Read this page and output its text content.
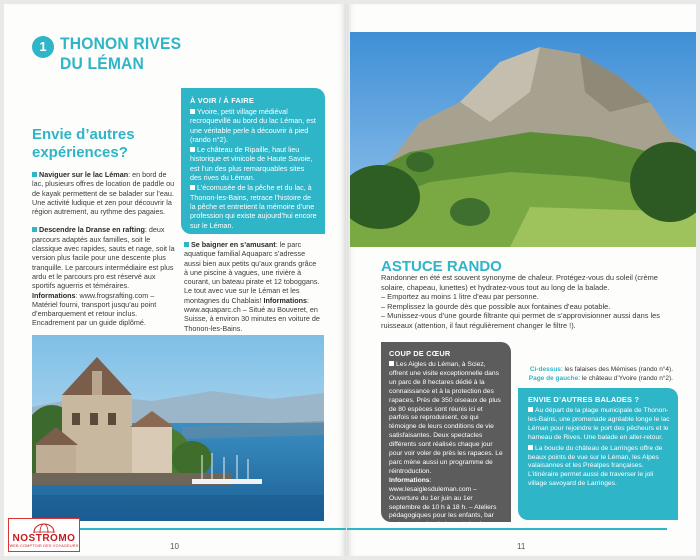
1 THONON RIVES DU LÉMAN
Envie d’autres expériences?

Naviguer sur le lac Léman: en bord de lac, plusieurs offres de location de paddle ou de kayak permettent de se balader sur l’eau. Une activité ludique et zen pour découvrir la région autrement, au rythme des pagaies.

Descendre la Dranse en rafting: deux parcours adaptés aux familles, soit le classique avec rapides, sauts et nage, soit la version plus facile pour une descente plus tranquille. Le parcours intermédiaire est plus ardu et le parcours pro est réservé aux sportifs aguerris et téméraires. Informations: www.frogsrafting.com – Matériel fourni, transport jusqu’au point d’embarquement et retour inclus. Encadrement par un guide diplômé.

À VOIR / À FAIRE

Yvoire, petit village médiéval recroquevillé au bord du lac Léman, est une véritable perle à découvrir à pied (rando n°2).

Le château de Ripaille, haut lieu historique et vinicole de Haute Savoie, est l’un des plus remarquables sites des rives du Léman.

L’écomusée de la pêche et du lac, à Thonon-les-Bains, retrace l’histoire de la pêche et entretient la mémoire d’une profession qui existe aujourd’hui encore sur le Léman.

Se baigner en s’amusant: le parc aquatique familial Aquaparc s’adresse aussi bien aux petits qu’aux grands grâce à une piscine à vagues, une rivière à courant, un bateau pirate et 12 toboggans. Le tout avec vue sur le Léman et les montagnes du Chablais! Informations: www.aquaparc.ch – Situé au Bouveret, en Suisse, à environ 30 minutes en voiture de Thonon-les-Bains.

10
NOSTROMO
WEB COMPTOIR DES VOYAGEURS
ASTUCE RANDO
Randonner en été est souvent synonyme de chaleur. Protégez-vous du soleil (crème solaire, chapeau, lunettes) et hydratez-vous tout au long de la balade.
– Emportez au moins 1 litre d’eau par personne.
– Remplissez la gourde dès que possible aux fontaines d’eau potable.
– Munissez-vous d’une gourde filtrante qui permet de s’approvisionner aussi dans les ruisseaux (attention, il faut régulièrement changer le filtre !).
COUP DE CŒUR

Les Aigles du Léman, à Sciez, offrent une visite exceptionnelle dans un parc de 8 hectares dédié à la connaissance et à la protection des rapaces. Près de 350 oiseaux de plus de 80 espèces sont réunis ici et parfois se reproduisent, ce qui témoigne de leurs conditions de vie satisfaisantes. Deux spectacles différents sont réalisés chaque jour pour voir voler de près les rapaces. Le parc mène aussi un programme de réintroduction.

Informations:

www.lesaiglesduleman.com – Ouverture du 1er juin au 1er septembre de 10 h à 18 h. – Ateliers pédagogiques pour les enfants, bar restaurant, aire de jeux et de pique-nique.

Ci-dessus: les falaises des Mémises (rando n°4).
Page de gauche: le château d’Yvoire (rando n°2).
ENVIE D’AUTRES BALADES ?

Au départ de la plage municipale de Thonon-les-Bains, une promenade agréable longe le lac Léman pour rejoindre le port des pêcheurs et le hameau de Rives. Une balade en aller-retour.

La boucle du château de Larringes offre de beaux points de vue sur le Léman, les Alpes valaisannes et les Préalpes françaises. L’itinéraire permet aussi de traverser le joli village savoyard de Larringes.

11
